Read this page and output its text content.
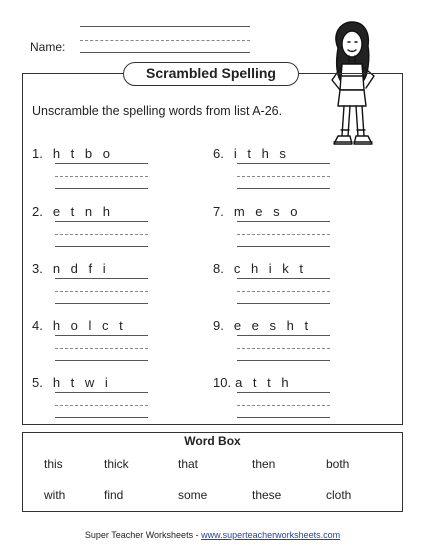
Name:
Scrambled Spelling
Unscramble the spelling words from list A-26.
1. h t b o
2. e t n h
3. n d f i
4. h o l c t
5. h t w i
6. i t h s
7. m e s o
8. c h i k t
9. e e s h t
10. a t t h
Word Box
this	thick	that	then	both
with	find	some	these	cloth
Super Teacher Worksheets - www.superteacherworksheets.com
